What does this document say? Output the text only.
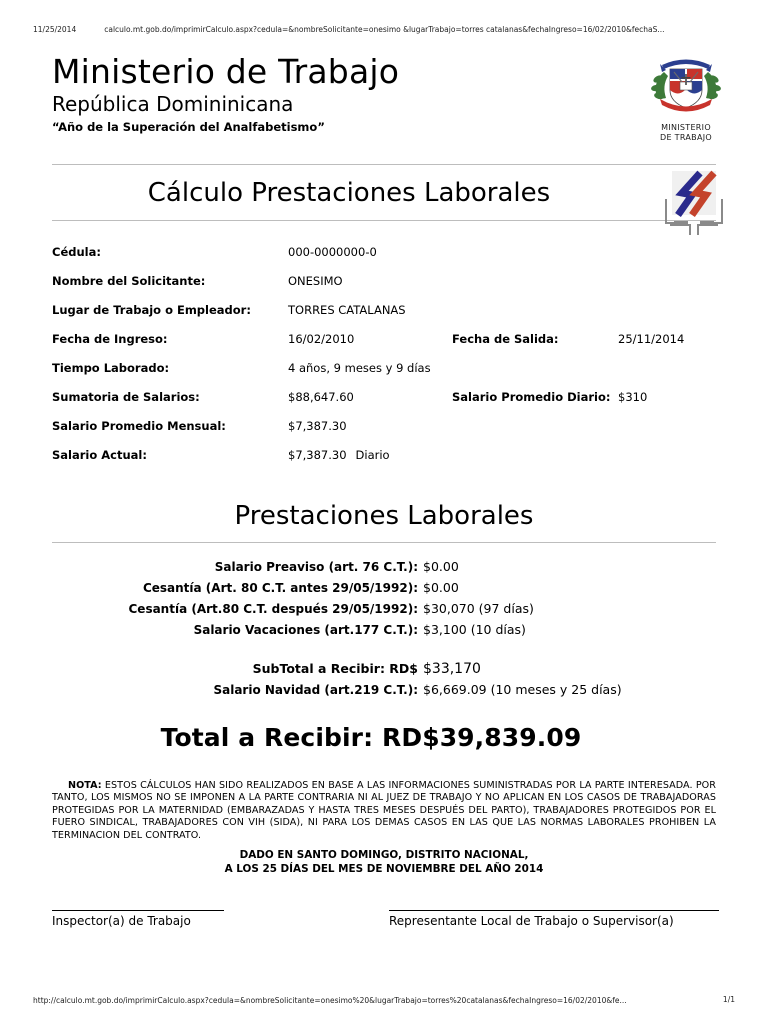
11/25/2014	calculo.mt.gob.do/imprimirCalculo.aspx?cedula=&nombreSolicitante=onesimo &lugarTrabajo=torres catalanas&fechaIngreso=16/02/2010&fechaS...
Ministerio de Trabajo
República Domininicana
“Año de la Superación del Analfabetismo”	MINISTERIO
DE TRABAJO
Cálculo Prestaciones Laborales
Cédula:	000-0000000-0
Nombre del Solicitante:	ONESIMO
Lugar de Trabajo o Empleador:	TORRES CATALANAS
Fecha de Ingreso:	16/02/2010	Fecha de Salida:	25/11/2014
Tiempo Laborado:	4 años, 9 meses y 9 días
Sumatoria de Salarios:	$88,647.60	Salario Promedio Diario: $310
Salario Promedio Mensual:	$7,387.30
Salario Actual:	$7,387.30 Diario
Prestaciones Laborales
Salario Preaviso (art. 76 C.T.): $0.00
Cesantía (Art. 80 C.T. antes 29/05/1992): $0.00
Cesantía (Art.80 C.T. después 29/05/1992): $30,070 (97 días)
Salario Vacaciones (art.177 C.T.): $3,100 (10 días)
SubTotal a Recibir: RD$ $33,170
Salario Navidad (art.219 C.T.): $6,669.09 (10 meses y 25 días)
Total a Recibir: RD$39,839.09
NOTA: ESTOS CÁLCULOS HAN SIDO REALIZADOS EN BASE A LAS INFORMACIONES SUMINISTRADAS POR LA PARTE INTERESADA. POR TANTO, LOS MISMOS NO SE IMPONEN A LA PARTE CONTRARIA NI AL JUEZ DE TRABAJO Y NO APLICAN EN LOS CASOS DE TRABAJADORAS PROTEGIDAS POR LA MATERNIDAD (EMBARAZADAS Y HASTA TRES MESES DESPUÉS DEL PARTO), TRABAJADORES PROTEGIDOS POR EL FUERO SINDICAL, TRABAJADORES CON VIH (SIDA), NI PARA LOS DEMAS CASOS EN LAS QUE LAS NORMAS LABORALES PROHIBEN LA TERMINACION DEL CONTRATO.
DADO EN SANTO DOMINGO, DISTRITO NACIONAL,
A LOS 25 DÍAS DEL MES DE NOVIEMBRE DEL AÑO 2014
Inspector(a) de Trabajo	Representante Local de Trabajo o Supervisor(a)
http://calculo.mt.gob.do/imprimirCalculo.aspx?cedula=&nombreSolicitante=onesimo%20&lugarTrabajo=torres%20catalanas&fechaIngreso=16/02/2010&fe...	1/1
